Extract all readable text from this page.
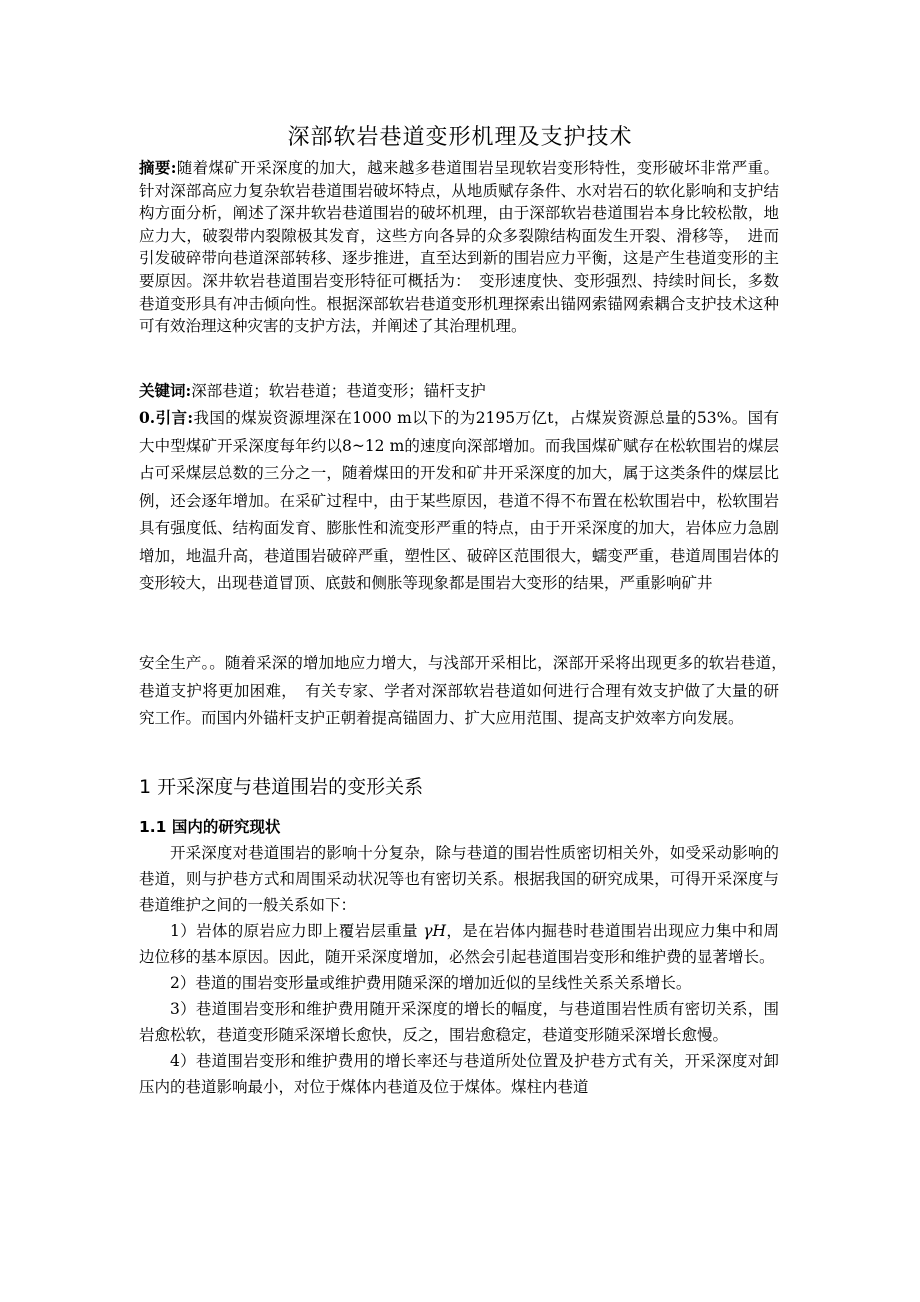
深部软岩巷道变形机理及支护技术

摘要:随着煤矿开采深度的加大，越来越多巷道围岩呈现软岩变形特性，变形破坏非常严重。针对深部高应力复杂软岩巷道围岩破坏特点，从地质赋存条件、水对岩石的软化影响和支护结构方面分析，阐述了深井软岩巷道围岩的破坏机理，由于深部软岩巷道围岩本身比较松散，地应力大，破裂带内裂隙极其发育，这些方向各异的众多裂隙结构面发生开裂、滑移等，　进而引发破碎带向巷道深部转移、逐步推进，直至达到新的围岩应力平衡，这是产生巷道变形的主要原因。深井软岩巷道围岩变形特征可概括为：　变形速度快、变形强烈、持续时间长，多数巷道变形具有冲击倾向性。根据深部软岩巷道变形机理探索出锚网索锚网索耦合支护技术这种可有效治理这种灾害的支护方法，并阐述了其治理机理。

关键词:深部巷道；软岩巷道；巷道变形；锚杆支护

0.引言:我国的煤炭资源埋深在1000 m以下的为2195万亿t，占煤炭资源总量的53%。国有大中型煤矿开采深度每年约以8~12 m的速度向深部增加。而我国煤矿赋存在松软围岩的煤层占可采煤层总数的三分之一，随着煤田的开发和矿井开采深度的加大，属于这类条件的煤层比例，还会逐年增加。在采矿过程中，由于某些原因，巷道不得不布置在松软围岩中，松软围岩具有强度低、结构面发育、膨胀性和流变形严重的特点，由于开采深度的加大，岩体应力急剧增加，地温升高，巷道围岩破碎严重，塑性区、破碎区范围很大，蠕变严重，巷道周围岩体的变形较大，出现巷道冒顶、底鼓和侧胀等现象都是围岩大变形的结果，严重影响矿井

安全生产。。随着采深的增加地应力增大，与浅部开采相比，深部开采将出现更多的软岩巷道，　巷道支护将更加困难，　有关专家、学者对深部软岩巷道如何进行合理有效支护做了大量的研究工作。而国内外锚杆支护正朝着提高锚固力、扩大应用范围、提高支护效率方向发展。

1 开采深度与巷道围岩的变形关系
1.1 国内的研究现状

开采深度对巷道围岩的影响十分复杂，除与巷道的围岩性质密切相关外，如受采动影响的巷道，则与护巷方式和周围采动状况等也有密切关系。根据我国的研究成果，可得开采深度与巷道维护之间的一般关系如下：

1）岩体的原岩应力即上覆岩层重量 γH，是在岩体内掘巷时巷道围岩出现应力集中和周边位移的基本原因。因此，随开采深度增加，必然会引起巷道围岩变形和维护费的显著增长。

2）巷道的围岩变形量或维护费用随采深的增加近似的呈线性关系关系增长。

3）巷道围岩变形和维护费用随开采深度的增长的幅度，与巷道围岩性质有密切关系，围岩愈松软，巷道变形随采深增长愈快，反之，围岩愈稳定，巷道变形随采深增长愈慢。

4）巷道围岩变形和维护费用的增长率还与巷道所处位置及护巷方式有关，开采深度对卸压内的巷道影响最小，对位于煤体内巷道及位于煤体。煤柱内巷道
